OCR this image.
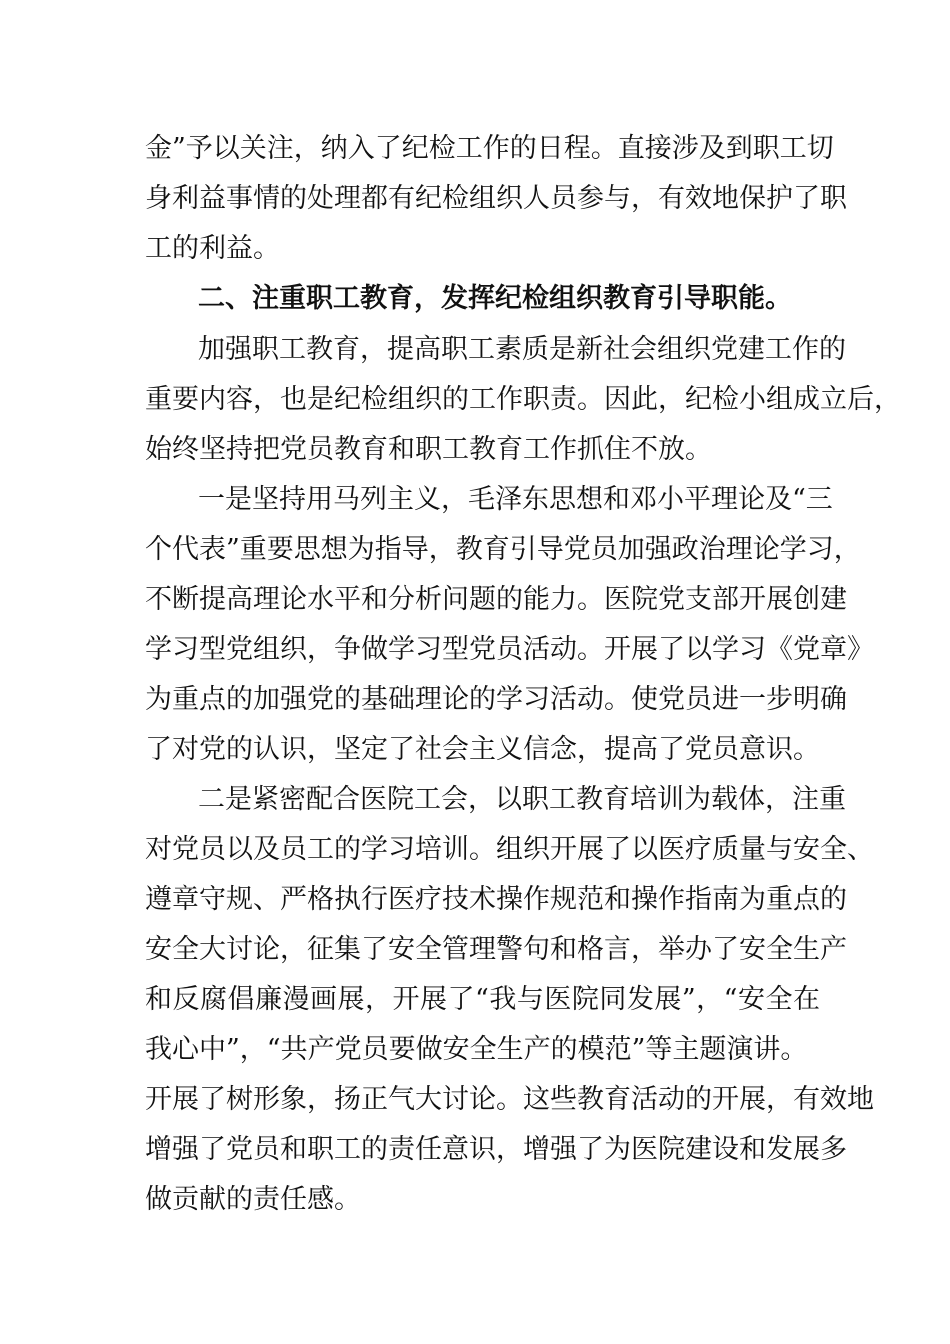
金”予以关注，纳入了纪检工作的日程。直接涉及到职工切
身利益事情的处理都有纪检组织人员参与，有效地保护了职
工的利益。
二、注重职工教育，发挥纪检组织教育引导职能。
加强职工教育，提高职工素质是新社会组织党建工作的
重要内容，也是纪检组织的工作职责。因此，纪检小组成立后，
始终坚持把党员教育和职工教育工作抓住不放。
一是坚持用马列主义，毛泽东思想和邓小平理论及“三
个代表”重要思想为指导，教育引导党员加强政治理论学习，
不断提高理论水平和分析问题的能力。医院党支部开展创建
学习型党组织，争做学习型党员活动。开展了以学习《党章》
为重点的加强党的基础理论的学习活动。使党员进一步明确
了对党的认识，坚定了社会主义信念，提高了党员意识。
二是紧密配合医院工会，以职工教育培训为载体，注重
对党员以及员工的学习培训。组织开展了以医疗质量与安全、
遵章守规、严格执行医疗技术操作规范和操作指南为重点的
安全大讨论，征集了安全管理警句和格言，举办了安全生产
和反腐倡廉漫画展，开展了“我与医院同发展”，“安全在
我心中”，“共产党员要做安全生产的模范”等主题演讲。
开展了树形象，扬正气大讨论。这些教育活动的开展，有效地
增强了党员和职工的责任意识，增强了为医院建设和发展多
做贡献的责任感。
